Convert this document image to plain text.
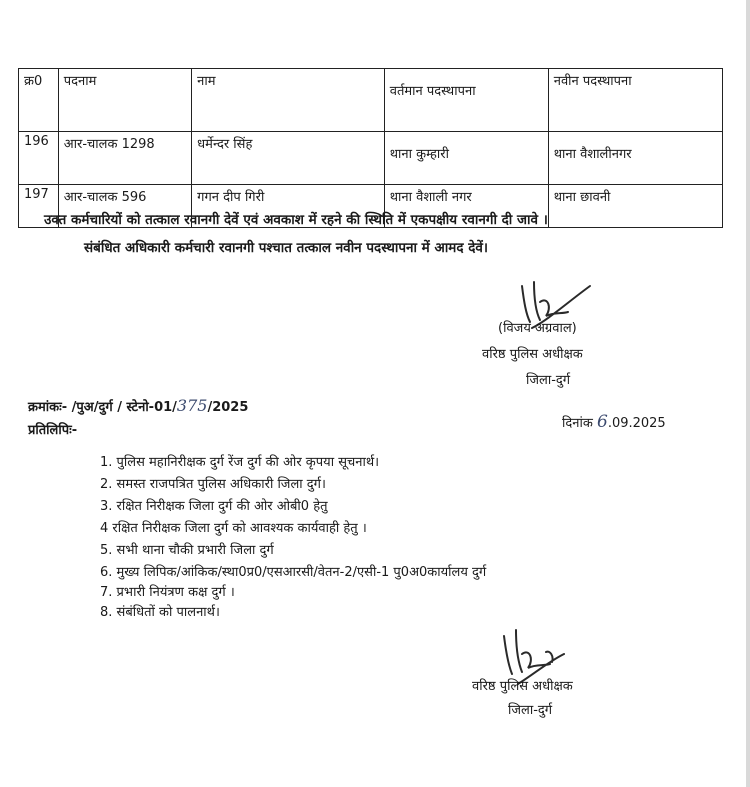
क्र0	पदनाम	नाम	वर्तमान पदस्थापना	नवीन पदस्थापना
196	आर-चालक 1298	धर्मेन्दर सिंह	थाना कुम्हारी	थाना वैशालीनगर
197	आर-चालक 596	गगन दीप गिरी	थाना वैशाली नगर	थाना छावनी
उक्त कर्मचारियों को तत्काल रवानगी देवें एवं अवकाश में रहने की स्थिति में एकपक्षीय रवानगी दी जावे ।
संबंधित अधिकारी कर्मचारी रवानगी पश्चात तत्काल नवीन पदस्थापना में आमद देवें।
(विजय अग्रवाल)
वरिष्ठ पुलिस अधीक्षक
जिला-दुर्ग
क्रमांकः- /पुअ/दुर्ग / स्टेनो-01/375/2025
दिनांक 6.09.2025
प्रतिलिपिः-
1. पुलिस महानिरीक्षक दुर्ग रेंज दुर्ग की ओर कृपया सूचनार्थ।
2. समस्त राजपत्रित पुलिस अधिकारी जिला दुर्ग।
3. रक्षित निरीक्षक जिला दुर्ग की ओर ओबी0 हेतु
4 रक्षित निरीक्षक जिला दुर्ग को आवश्यक कार्यवाही हेतु ।
5. सभी थाना चौकी प्रभारी जिला दुर्ग
6. मुख्य लिपिक/आंकिक/स्था0प्र0/एसआरसी/वेतन-2/एसी-1 पु0अ0कार्यालय दुर्ग
7. प्रभारी नियंत्रण कक्ष दुर्ग ।
8. संबंधितों को पालनार्थ।
वरिष्ठ पुलिस अधीक्षक
जिला-दुर्ग
